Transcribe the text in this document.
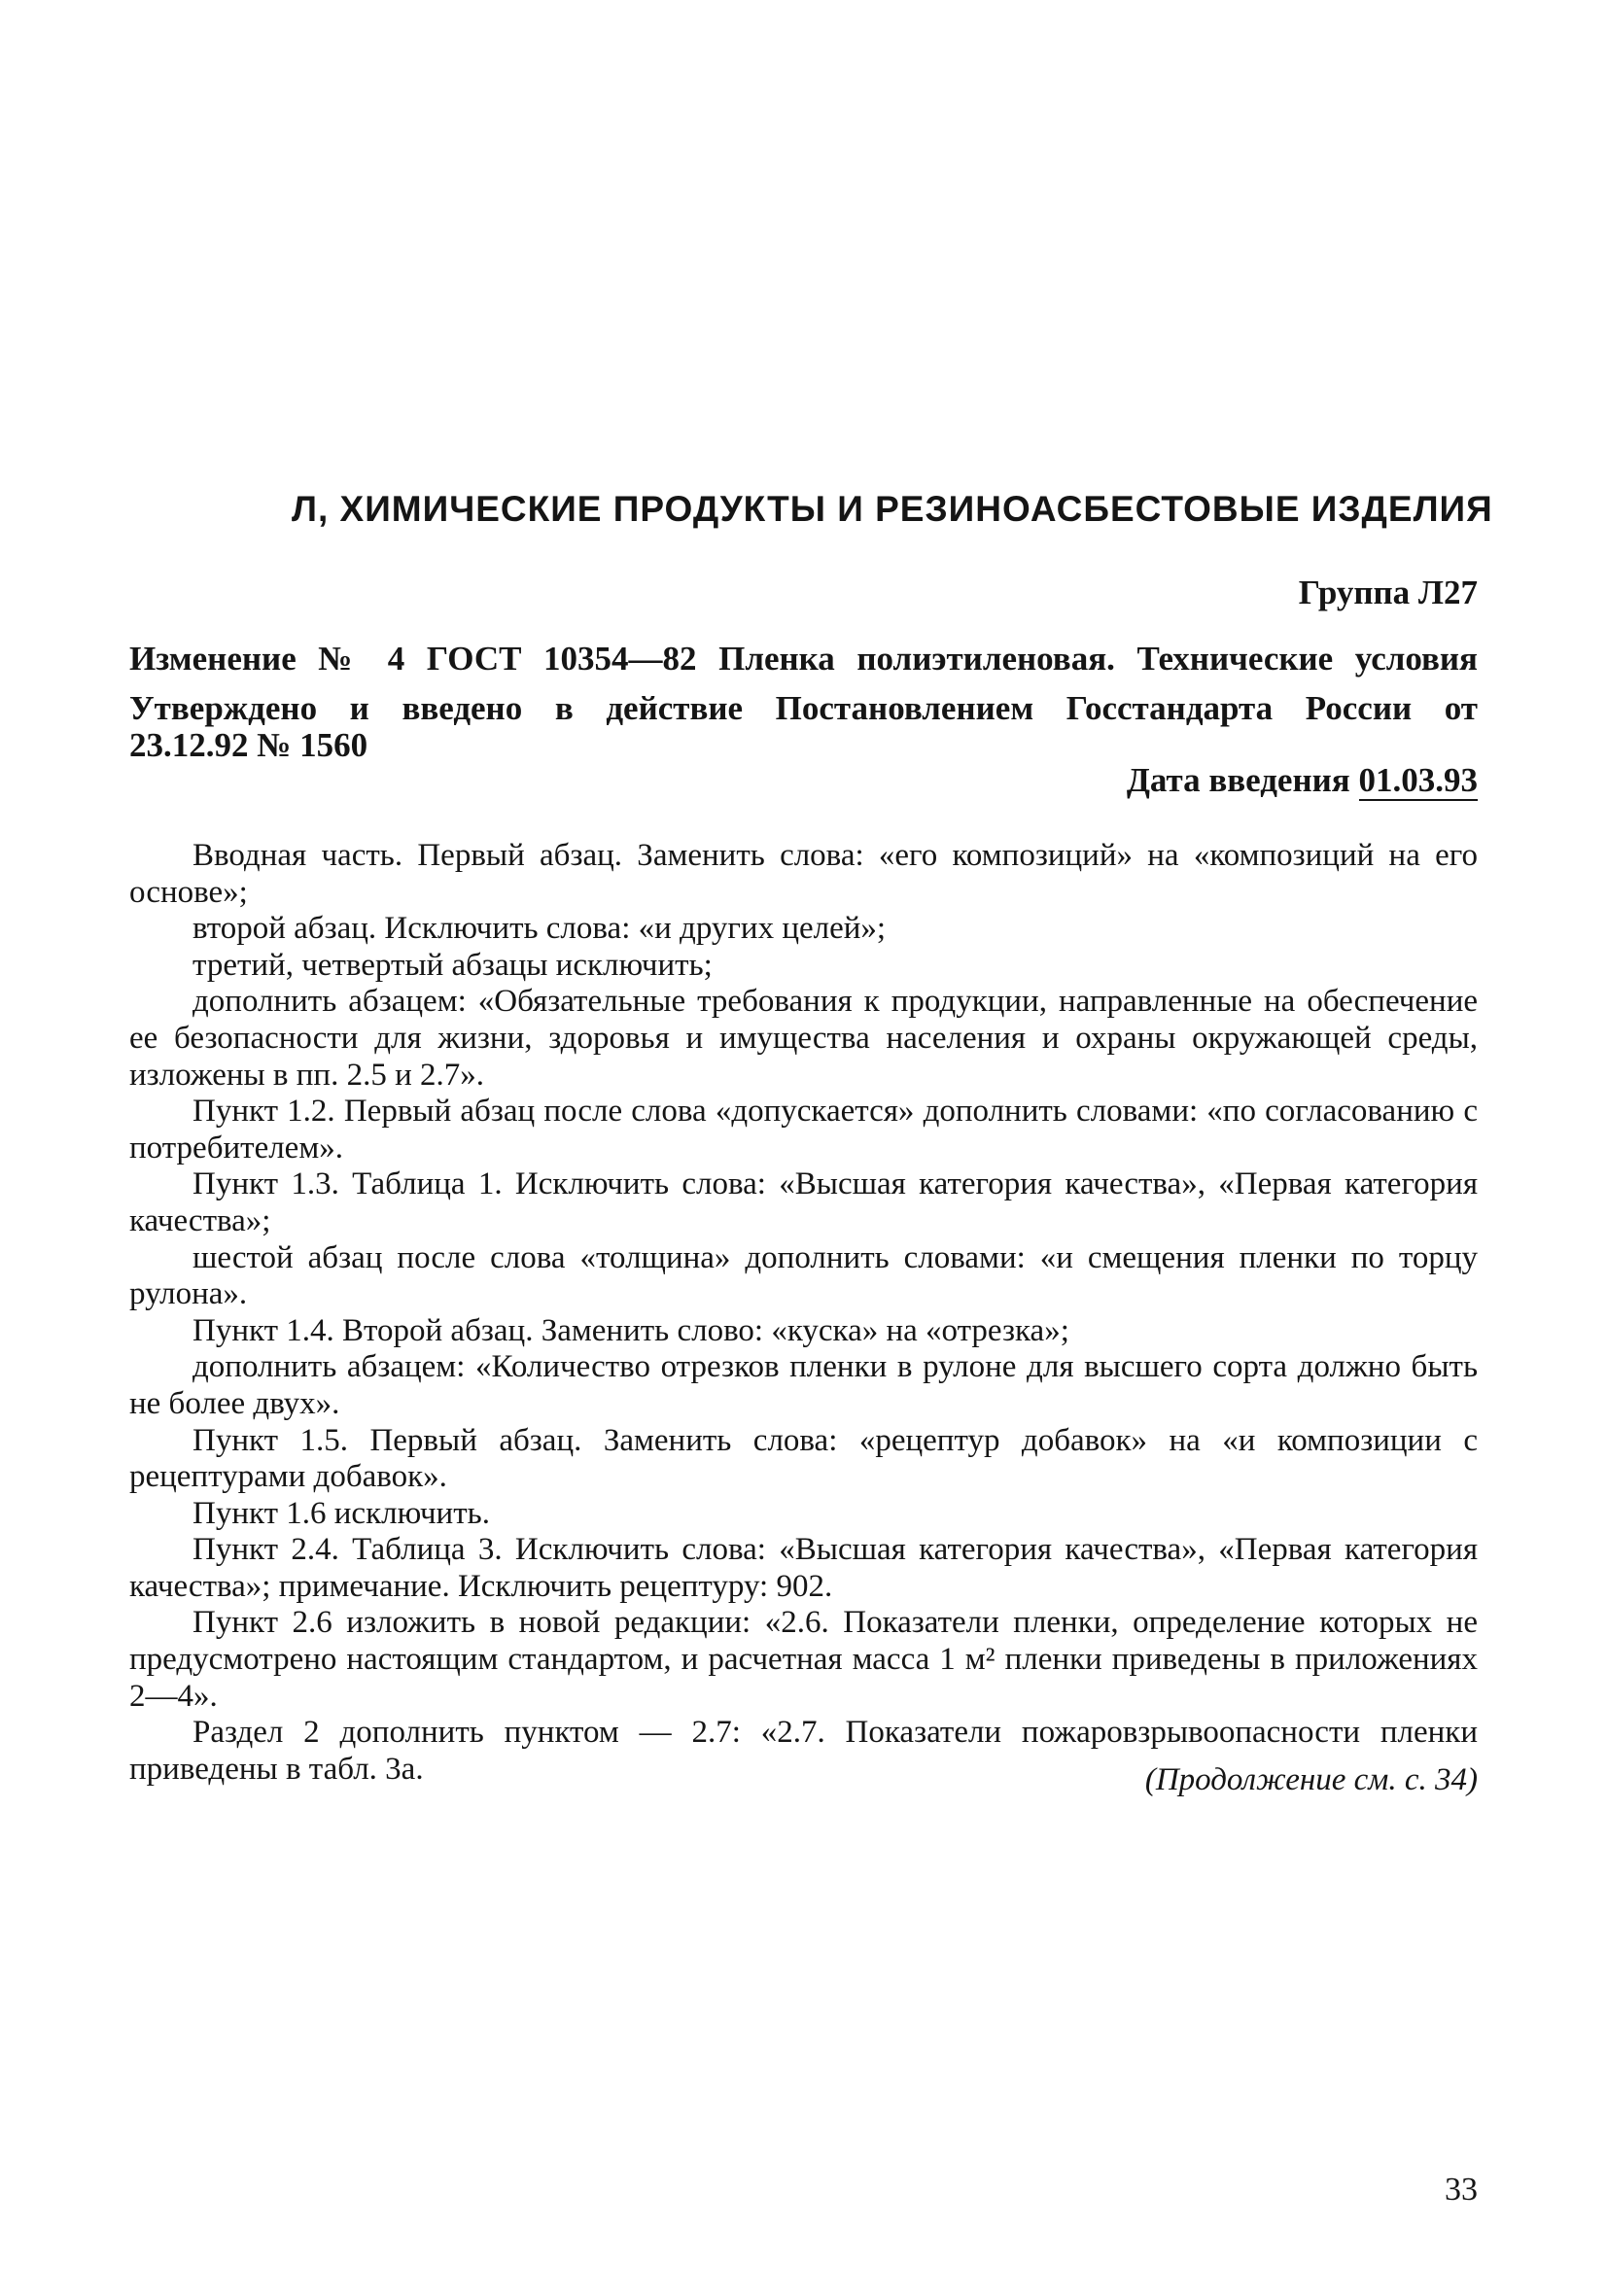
Л, ХИМИЧЕСКИЕ ПРОДУКТЫ И РЕЗИНОАСБЕСТОВЫЕ ИЗДЕЛИЯ
Группа Л27
Изменение № 4 ГОСТ 10354—82 Пленка полиэтиленовая. Технические условия
Утверждено и введено в действие Постановлением Госстандарта России от
23.12.92 № 1560
Дата введения 01.03.93

Вводная часть. Первый абзац. Заменить слова: «его композиций» на «композиций на его основе»;

второй абзац. Исключить слова: «и других целей»;

третий, четвертый абзацы исключить;

дополнить абзацем: «Обязательные требования к продукции, направленные на обеспечение ее безопасности для жизни, здоровья и имущества населения и охраны окружающей среды, изложены в пп. 2.5 и 2.7».

Пункт 1.2. Первый абзац после слова «допускается» дополнить словами: «по согласованию с потребителем».

Пункт 1.3. Таблица 1. Исключить слова: «Высшая категория качества», «Первая категория качества»;

шестой абзац после слова «толщина» дополнить словами: «и смещения пленки по торцу рулона».

Пункт 1.4. Второй абзац. Заменить слово: «куска» на «отрезка»;

дополнить абзацем: «Количество отрезков пленки в рулоне для высшего сорта должно быть не более двух».

Пункт 1.5. Первый абзац. Заменить слова: «рецептур добавок» на «и композиции с рецептурами добавок».

Пункт 1.6 исключить.

Пункт 2.4. Таблица 3. Исключить слова: «Высшая категория качества», «Первая категория качества»; примечание. Исключить рецептуру: 902.

Пункт 2.6 изложить в новой редакции: «2.6. Показатели пленки, определение которых не предусмотрено настоящим стандартом, и расчетная масса 1 м² пленки приведены в приложениях 2—4».

Раздел 2 дополнить пунктом — 2.7: «2.7. Показатели пожаровзрывоопасности пленки приведены в табл. 3а.	(Продолжение см. с. 34)
33
